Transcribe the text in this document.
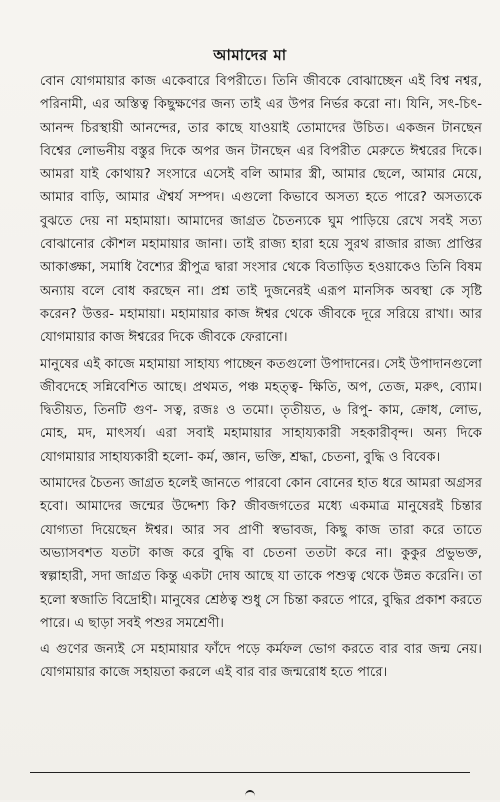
আমাদের মা

বোন যোগমায়ার কাজ একেবারে বিপরীতে। তিনি জীবকে বোঝাচ্ছেন এই বিশ্ব নশ্বর, পরিনামী, এর অস্তিত্ব কিছুক্ষণের জন্য তাই এর উপর নির্ভর করো না। যিনি, সৎ-চিৎ-আনন্দ চিরস্থায়ী আনন্দের, তার কাছে যাওয়াই তোমাদের উচিত। একজন টানছেন বিশ্বের লোভনীয় বস্তুর দিকে অপর জন টানছেন এর বিপরীত মেরুতে ঈশ্বরের দিকে। আমরা যাই কোথায়? সংসারে এসেই বলি আমার স্ত্রী, আমার ছেলে, আমার মেয়ে, আমার বাড়ি, আমার ঐশ্বর্য সম্পদ। এগুলো কিভাবে অসত্য হতে পারে? অসত্যকে বুঝতে দেয় না মহামায়া। আমাদের জাগ্রত চৈতন্যকে ঘুম পাড়িয়ে রেখে সবই সত্য বোঝানোর কৌশল মহামায়ার জানা। তাই রাজ্য হারা হয়ে সুরথ রাজার রাজ্য প্রাপ্তির আকাঙ্ক্ষা, সমাধি বৈশ্যের স্ত্রীপুত্র দ্বারা সংসার থেকে বিতাড়িত হওয়াকেও তিনি বিষম অন্যায় বলে বোধ করছেন না। প্রশ্ন তাই দুজনেরই এরূপ মানসিক অবস্থা কে সৃষ্টি করেন? উত্তর- মহামায়া। মহামায়ার কাজ ঈশ্বর থেকে জীবকে দূরে সরিয়ে রাখা। আর যোগমায়ার কাজ ঈশ্বরের দিকে জীবকে ফেরানো।

মানুষের এই কাজে মহামায়া সাহায্য পাচ্ছেন কতগুলো উপাদানের। সেই উপাদানগুলো জীবদেহে সন্নিবেশিত আছে। প্রথমত, পঞ্চ মহত্ত্ব- ক্ষিতি, অপ, তেজ, মরুৎ, ব্যোম। দ্বিতীয়ত, তিনটি গুণ- সত্ব, রজঃ ও তমো। তৃতীয়ত, ৬ রিপু- কাম, ক্রোধ, লোভ, মোহ, মদ, মাৎসর্য। এরা সবাই মহামায়ার সাহায্যকারী সহকারীবৃন্দ। অন্য দিকে যোগমায়ার সাহায্যকারী হলো- কর্ম, জ্ঞান, ভক্তি, শ্রদ্ধা, চেতনা, বুদ্ধি ও বিবেক।

আমাদের চৈতন্য জাগ্রত হলেই জানতে পারবো কোন বোনের হাত ধরে আমরা অগ্রসর হবো। আমাদের জন্মের উদ্দেশ্য কি? জীবজগতের মধ্যে একমাত্র মানুষেরই চিন্তার যোগ্যতা দিয়েছেন ঈশ্বর। আর সব প্রাণী স্বভাবজ, কিছু কাজ তারা করে তাতে অভ্যাসবশত যতটা কাজ করে বুদ্ধি বা চেতনা ততটা করে না। কুকুর প্রভুভক্ত, স্বল্পাহারী, সদা জাগ্রত কিন্তু একটা দোষ আছে যা তাকে পশুত্ব থেকে উন্নত করেনি। তা হলো স্বজাতি বিদ্রোহী। মানুষের শ্রেষ্ঠত্ব শুধু সে চিন্তা করতে পারে, বুদ্ধির প্রকাশ করতে পারে। এ ছাড়া সবই পশুর সমশ্রেণী।

এ গুণের জন্যই সে মহামায়ার ফাঁদে পড়ে কর্মফল ভোগ করতে বার বার জন্ম নেয়। যোগমায়ার কাজে সহায়তা করলে এই বার বার জন্মরোধ হতে পারে।
